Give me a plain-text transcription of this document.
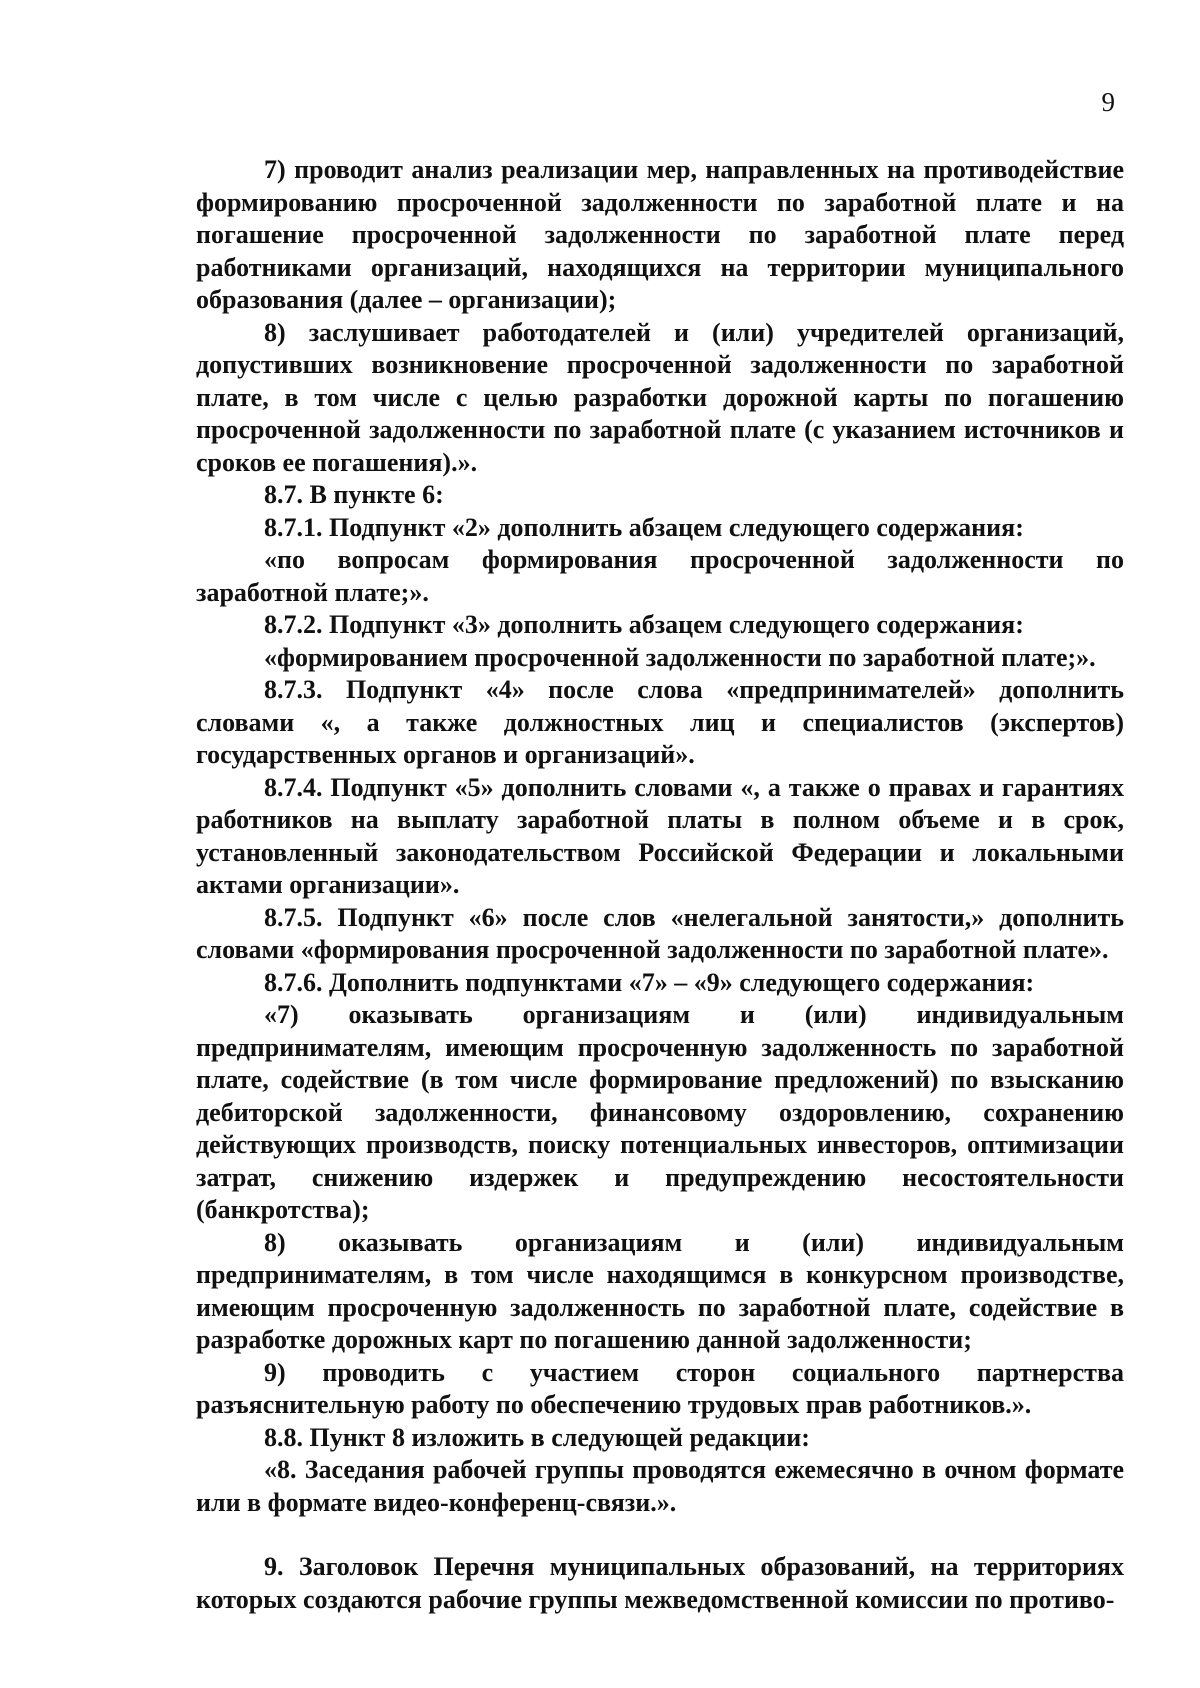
9

7) проводит анализ реализации мер, направленных на противодействие формированию просроченной задолженности по заработной плате и на погашение просроченной задолженности по заработной плате перед работниками организаций, находящихся на территории муниципального образования (далее – организации);

8) заслушивает работодателей и (или) учредителей организаций, допустивших возникновение просроченной задолженности по заработной плате, в том числе с целью разработки дорожной карты по погашению просроченной задолженности по заработной плате (с указанием источников и сроков ее погашения).».

8.7. В пункте 6:

8.7.1. Подпункт «2» дополнить абзацем следующего содержания:

«по вопросам формирования просроченной задолженности по заработной плате;».

8.7.2. Подпункт «3» дополнить абзацем следующего содержания:

«формированием просроченной задолженности по заработной плате;».

8.7.3. Подпункт «4» после слова «предпринимателей» дополнить словами «, а также должностных лиц и специалистов (экспертов) государственных органов и организаций».

8.7.4. Подпункт «5» дополнить словами «, а также о правах и гарантиях работников на выплату заработной платы в полном объеме и в срок, установленный законодательством Российской Федерации и локальными актами организации».

8.7.5. Подпункт «6» после слов «нелегальной занятости,» дополнить словами «формирования просроченной задолженности по заработной плате».

8.7.6. Дополнить подпунктами «7» – «9» следующего содержания:

«7) оказывать организациям и (или) индивидуальным предпринимателям, имеющим просроченную задолженность по заработной плате, содействие (в том числе формирование предложений) по взысканию дебиторской задолженности, финансовому оздоровлению, сохранению действующих производств, поиску потенциальных инвесторов, оптимизации затрат, снижению издержек и предупреждению несостоятельности (банкротства);

8) оказывать организациям и (или) индивидуальным предпринимателям, в том числе находящимся в конкурсном производстве, имеющим просроченную задолженность по заработной плате, содействие в разработке дорожных карт по погашению данной задолженности;

9) проводить с участием сторон социального партнерства разъяснительную работу по обеспечению трудовых прав работников.».

8.8. Пункт 8 изложить в следующей редакции:

«8. Заседания рабочей группы проводятся ежемесячно в очном формате или в формате видео-конференц-связи.».

9. Заголовок Перечня муниципальных образований, на территориях которых создаются рабочие группы межведомственной комиссии по противо-
